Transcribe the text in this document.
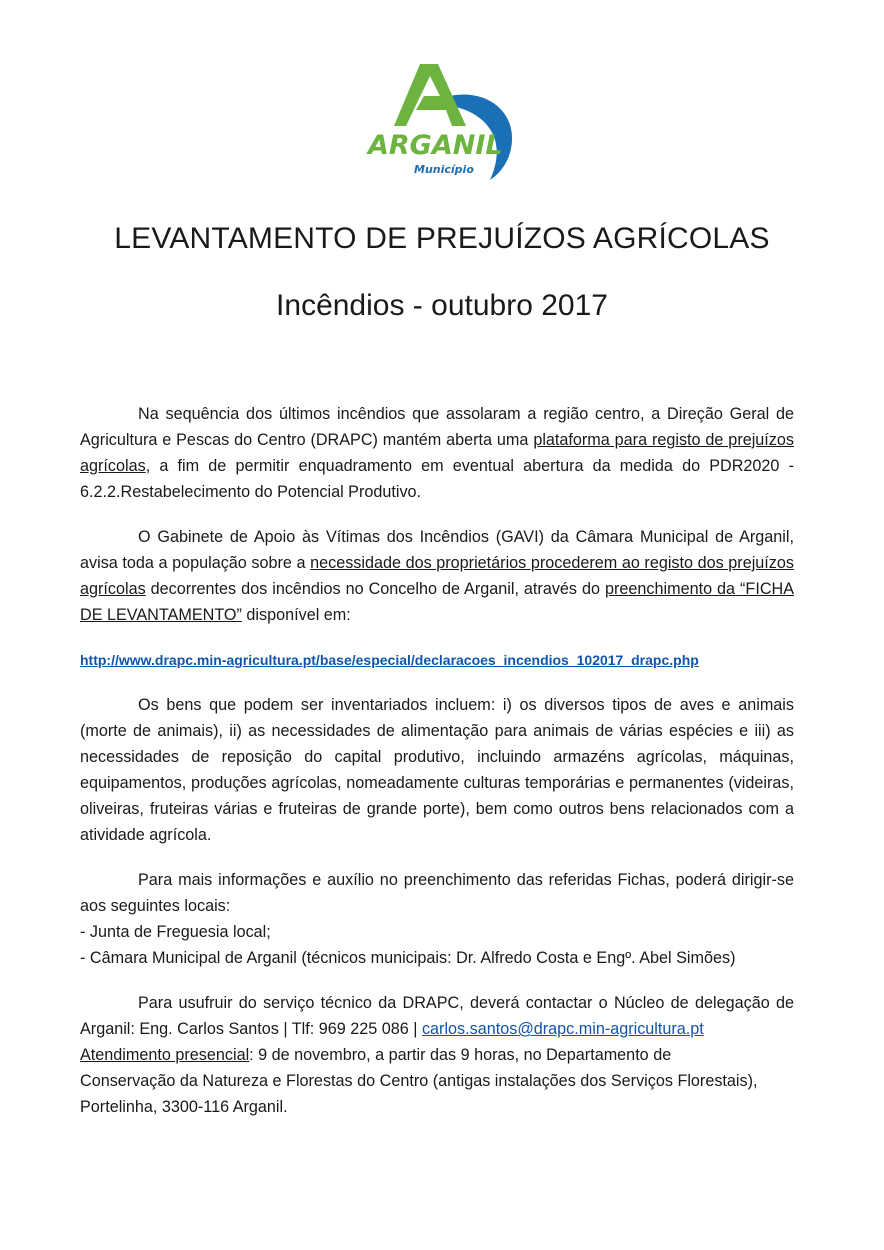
ARGANIL
Município
LEVANTAMENTO DE PREJUÍZOS AGRÍCOLAS
Incêndios - outubro 2017

Na sequência dos últimos incêndios que assolaram a região centro, a Direção Geral de Agricultura e Pescas do Centro (DRAPC) mantém aberta uma plataforma para registo de prejuízos agrícolas, a fim de permitir enquadramento em eventual abertura da medida do PDR2020 - 6.2.2.Restabelecimento do Potencial Produtivo.

O Gabinete de Apoio às Vítimas dos Incêndios (GAVI) da Câmara Municipal de Arganil, avisa toda a população sobre a necessidade dos proprietários procederem ao registo dos prejuízos agrícolas decorrentes dos incêndios no Concelho de Arganil, através do preenchimento da “FICHA DE LEVANTAMENTO” disponível em:

http://www.drapc.min-agricultura.pt/base/especial/declaracoes_incendios_102017_drapc.php

Os bens que podem ser inventariados incluem: i) os diversos tipos de aves e animais (morte de animais), ii) as necessidades de alimentação para animais de várias espécies e iii) as necessidades de reposição do capital produtivo, incluindo armazéns agrícolas, máquinas, equipamentos, produções agrícolas, nomeadamente culturas temporárias e permanentes (videiras, oliveiras, fruteiras várias e fruteiras de grande porte), bem como outros bens relacionados com a atividade agrícola.

Para mais informações e auxílio no preenchimento das referidas Fichas, poderá dirigir-se aos seguintes locais:

- Junta de Freguesia local;

- Câmara Municipal de Arganil (técnicos municipais: Dr. Alfredo Costa e Engº. Abel Simões)

Para usufruir do serviço técnico da DRAPC, deverá contactar o Núcleo de delegação de Arganil: Eng. Carlos Santos | Tlf: 969 225 086 | carlos.santos@drapc.min-agricultura.pt

Atendimento presencial: 9 de novembro, a partir das 9 horas, no Departamento de

Conservação da Natureza e Florestas do Centro (antigas instalações dos Serviços Florestais),

Portelinha, 3300-116 Arganil.
